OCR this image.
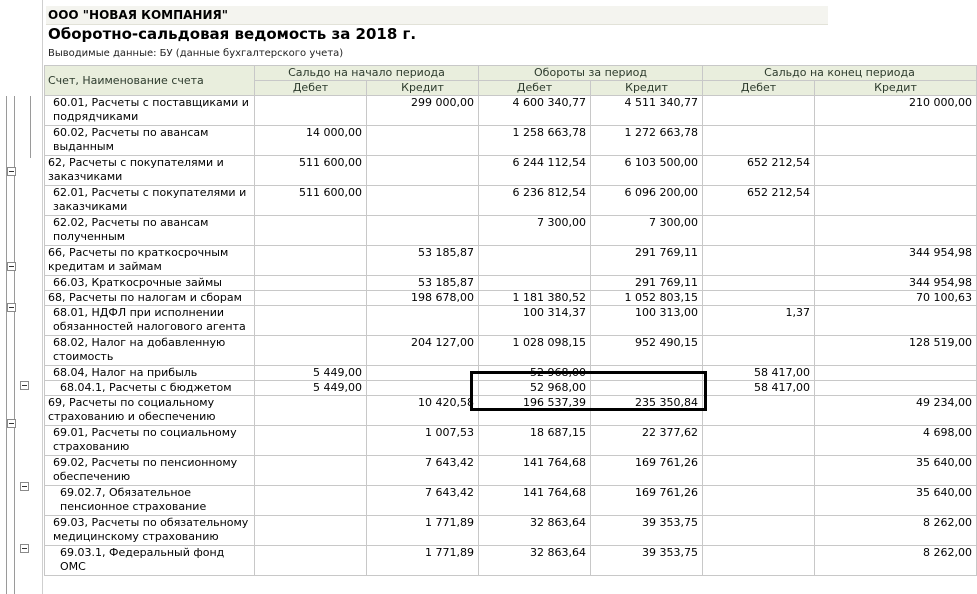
ООО "НОВАЯ КОМПАНИЯ"
Оборотно-сальдовая ведомость за 2018 г.
Выводимые данные: БУ (данные бухгалтерского учета)
Счет, Наименование счета	Сальдо на начало периода		Обороты за период		Сальдо на конец периода	
	Дебет	Кредит	Дебет	Кредит	Дебет	Кредит
60.01, Расчеты с поставщиками и подрядчиками		299 000,00	4 600 340,77	4 511 340,77		210 000,00
60.02, Расчеты по авансам выданным	14 000,00		1 258 663,78	1 272 663,78		
62, Расчеты с покупателями и заказчиками	511 600,00		6 244 112,54	6 103 500,00	652 212,54	
62.01, Расчеты с покупателями и заказчиками	511 600,00		6 236 812,54	6 096 200,00	652 212,54	
62.02, Расчеты по авансам полученным			7 300,00	7 300,00		
66, Расчеты по краткосрочным кредитам и займам		53 185,87		291 769,11		344 954,98
66.03, Краткосрочные займы		53 185,87		291 769,11		344 954,98
68, Расчеты по налогам и сборам		198 678,00	1 181 380,52	1 052 803,15		70 100,63
68.01, НДФЛ при исполнении обязанностей налогового агента			100 314,37	100 313,00	1,37	
68.02, Налог на добавленную стоимость		204 127,00	1 028 098,15	952 490,15		128 519,00
68.04, Налог на прибыль	5 449,00		52 968,00		58 417,00	
68.04.1, Расчеты с бюджетом	5 449,00		52 968,00		58 417,00	
69, Расчеты по социальному страхованию и обеспечению		10 420,58	196 537,39	235 350,84		49 234,00
69.01, Расчеты по социальному страхованию		1 007,53	18 687,15	22 377,62		4 698,00
69.02, Расчеты по пенсионному обеспечению		7 643,42	141 764,68	169 761,26		35 640,00
69.02.7, Обязательное пенсионное страхование		7 643,42	141 764,68	169 761,26		35 640,00
69.03, Расчеты по обязательному медицинскому страхованию		1 771,89	32 863,64	39 353,75		8 262,00
69.03.1, Федеральный фонд ОМС		1 771,89	32 863,64	39 353,75		8 262,00
